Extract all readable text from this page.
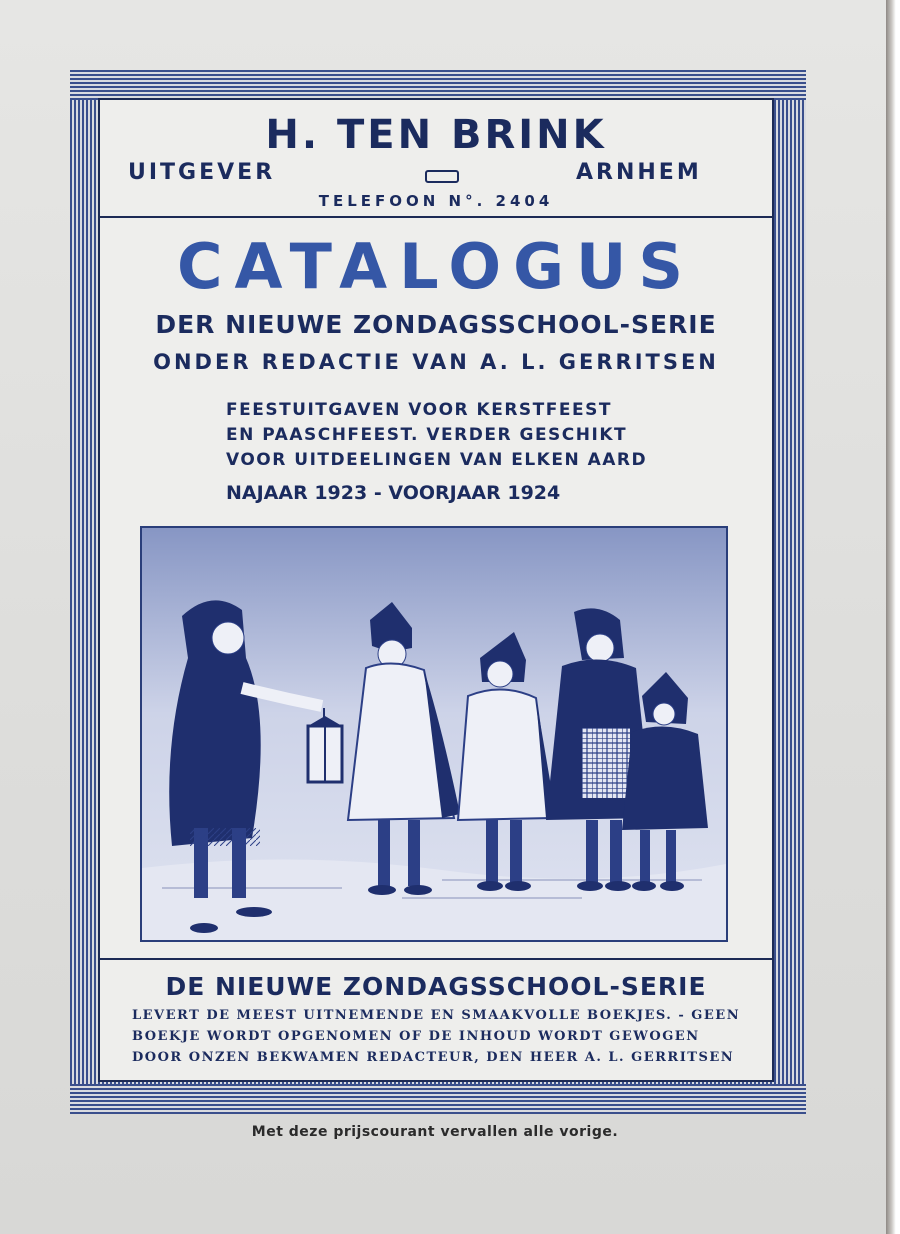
H. TEN BRINK
UITGEVER	ARNHEM
TELEFOON N°. 2404
CATALOGUS
DER NIEUWE ZONDAGSSCHOOL-SERIE
ONDER REDACTIE VAN A. L. GERRITSEN
FEESTUITGAVEN VOOR KERSTFEEST
EN PAASCHFEEST. VERDER GESCHIKT
VOOR UITDEELINGEN VAN ELKEN AARD
NAJAAR 1923 - VOORJAAR 1924
DE NIEUWE ZONDAGSSCHOOL-SERIE
LEVERT DE MEEST UITNEMENDE EN SMAAKVOLLE BOEKJES. - GEEN
BOEKJE WORDT OPGENOMEN OF DE INHOUD WORDT GEWOGEN
DOOR ONZEN BEKWAMEN REDACTEUR, DEN HEER A. L. GERRITSEN
Met deze prijscourant vervallen alle vorige.
